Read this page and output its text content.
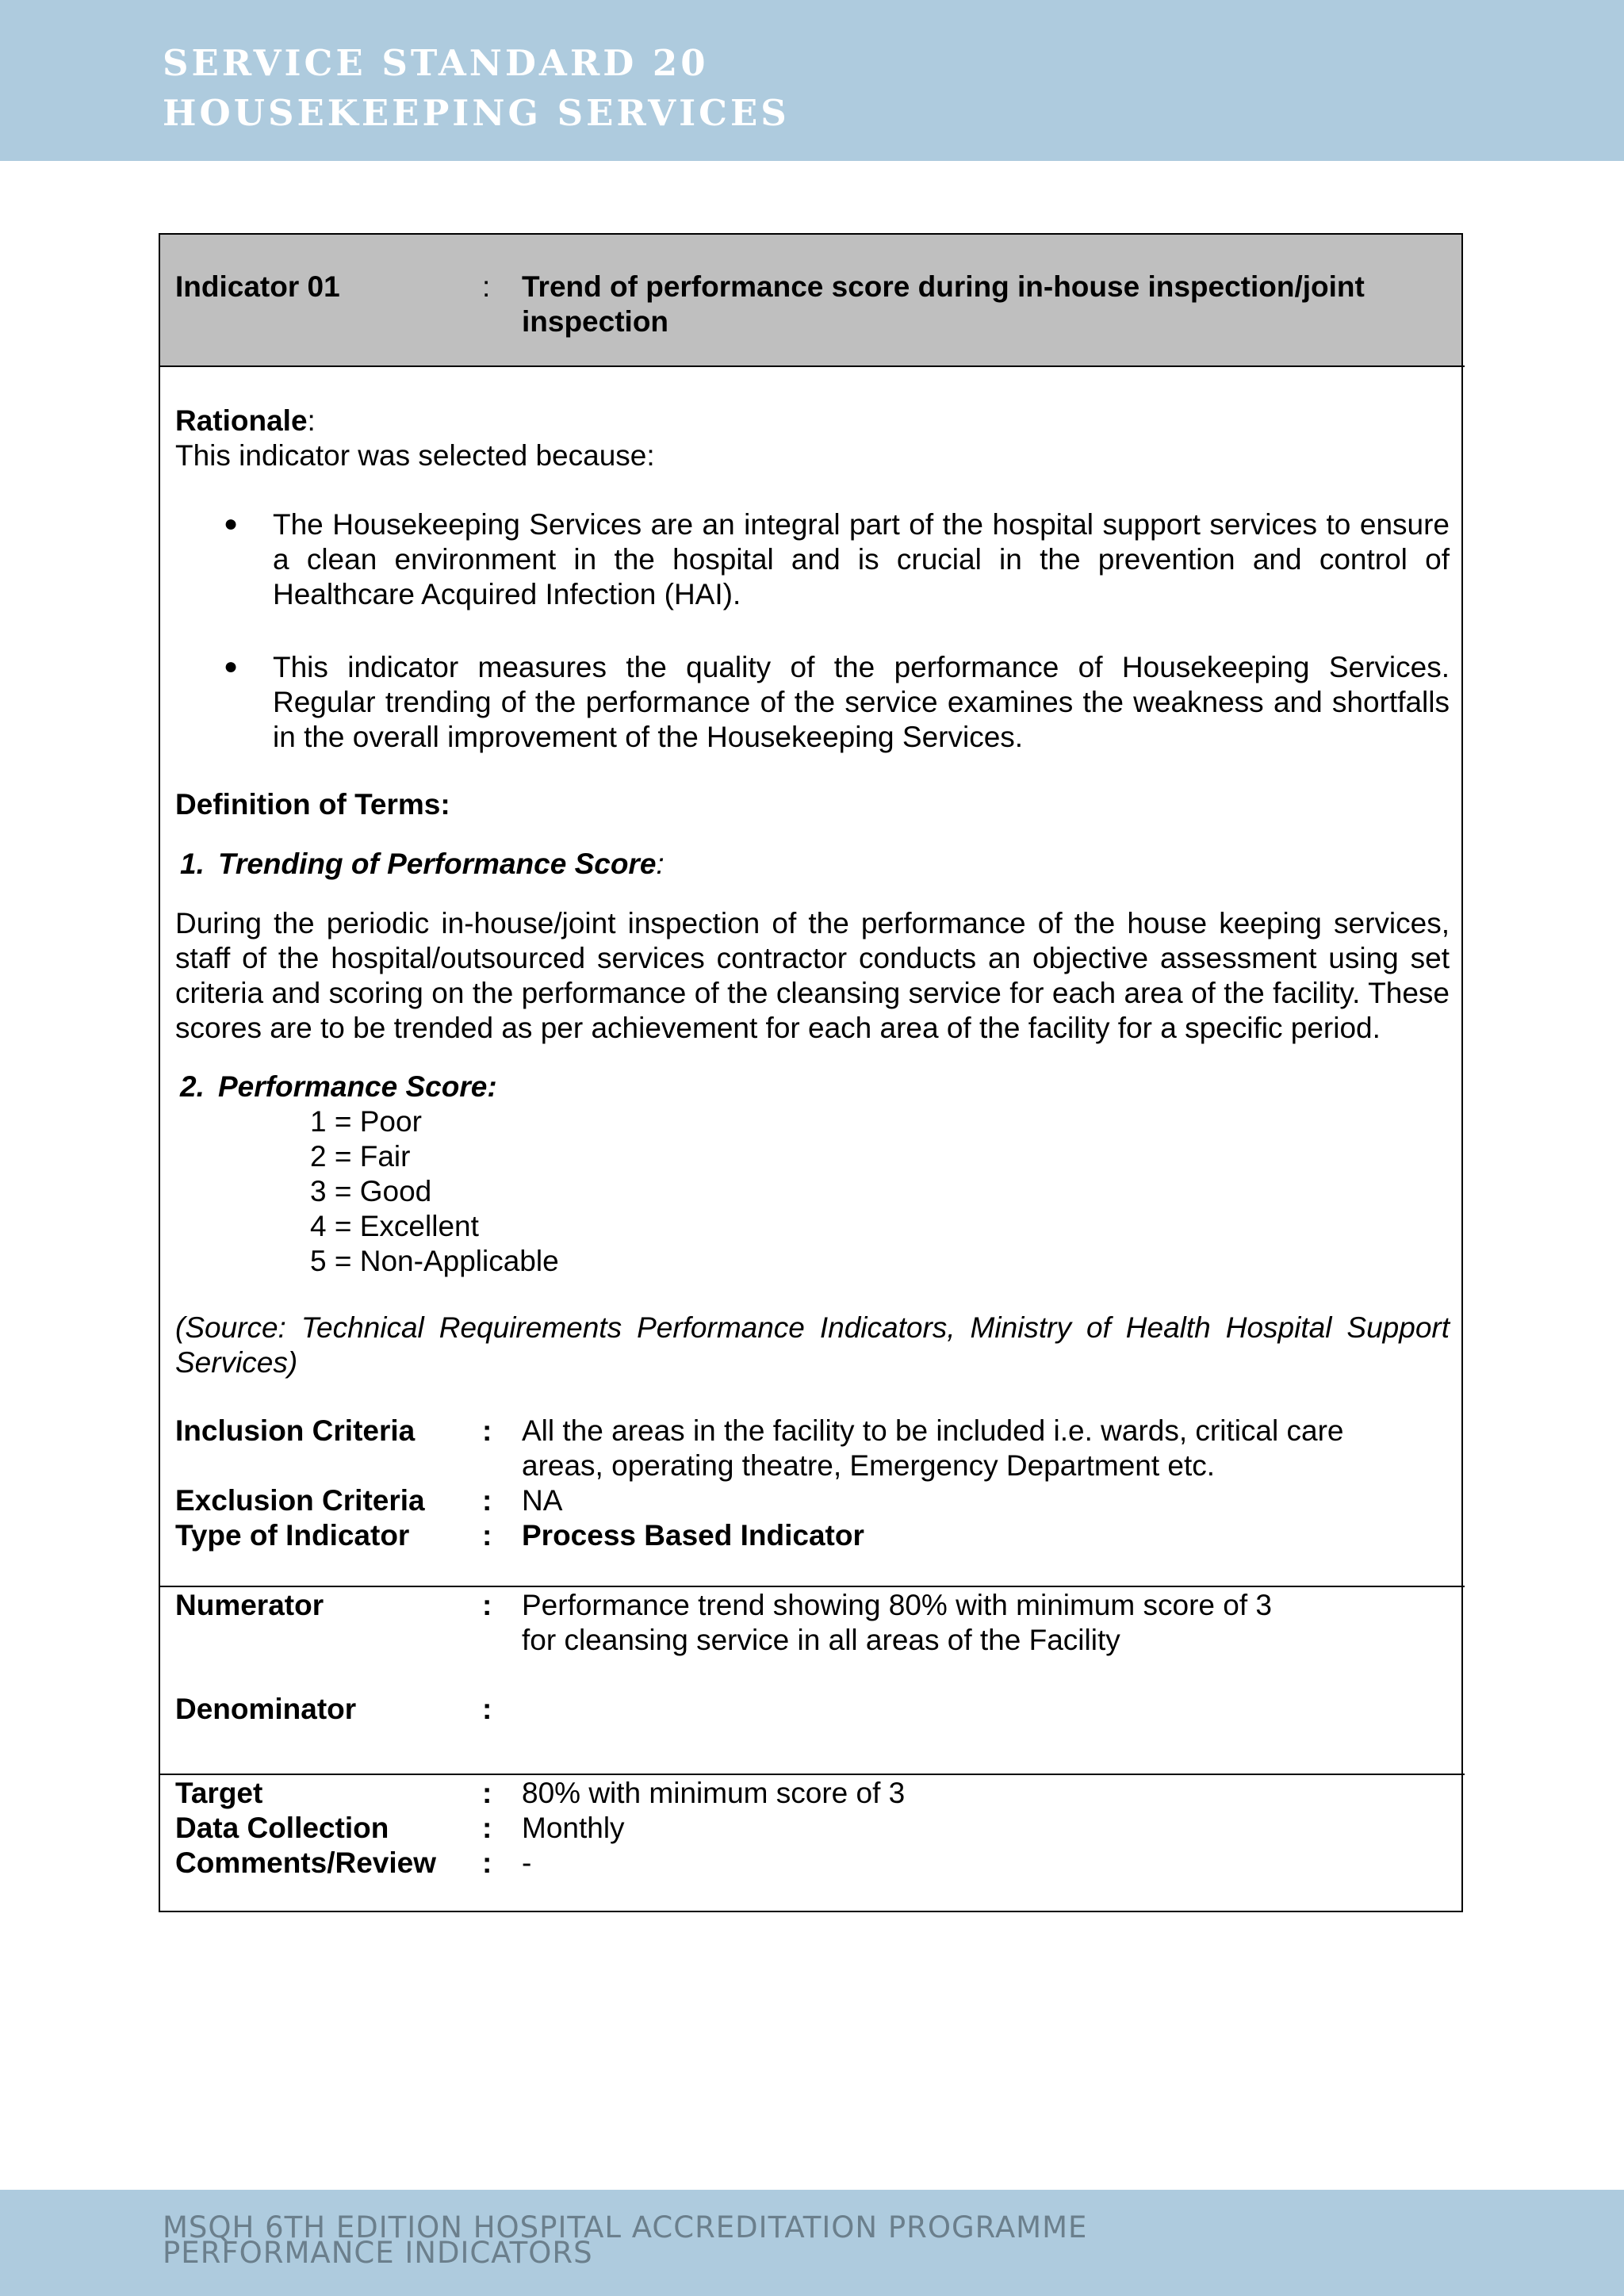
SERVICE STANDARD 20
HOUSEKEEPING SERVICES
Indicator 01	: Trend of performance score during in-house inspection/joint
inspection
Rationale:
This indicator was selected because:
● The Housekeeping Services are an integral part of the hospital support services to ensure
a clean environment in the hospital and is crucial in the prevention and control of
Healthcare Acquired Infection (HAI).
● This indicator measures the quality of the performance of Housekeeping Services.
Regular trending of the performance of the service examines the weakness and shortfalls
in the overall improvement of the Housekeeping Services.
Definition of Terms:
1. Trending of Performance Score:
During the periodic in-house/joint inspection of the performance of the house keeping services,
staff of the hospital/outsourced services contractor conducts an objective assessment using set
criteria and scoring on the performance of the cleansing service for each area of the facility. These
scores are to be trended as per achievement for each area of the facility for a specific period.
2. Performance Score:
1 = Poor
2 = Fair
3 = Good
4 = Excellent
5 = Non-Applicable
(Source: Technical Requirements Performance Indicators, Ministry of Health Hospital Support
Services)
Inclusion Criteria : All the areas in the facility to be included i.e. wards, critical care
areas, operating theatre, Emergency Department etc.
Exclusion Criteria : NA
Type of Indicator : Process Based Indicator
Numerator	: Performance trend showing 80% with minimum score of 3
for cleansing service in all areas of the Facility
Denominator	:
Target	: 80% with minimum score of 3
Data Collection	: Monthly
Comments/Review : -
MSQH 6TH EDITION HOSPITAL ACCREDITATION PROGRAMME
PERFORMANCE INDICATORS
